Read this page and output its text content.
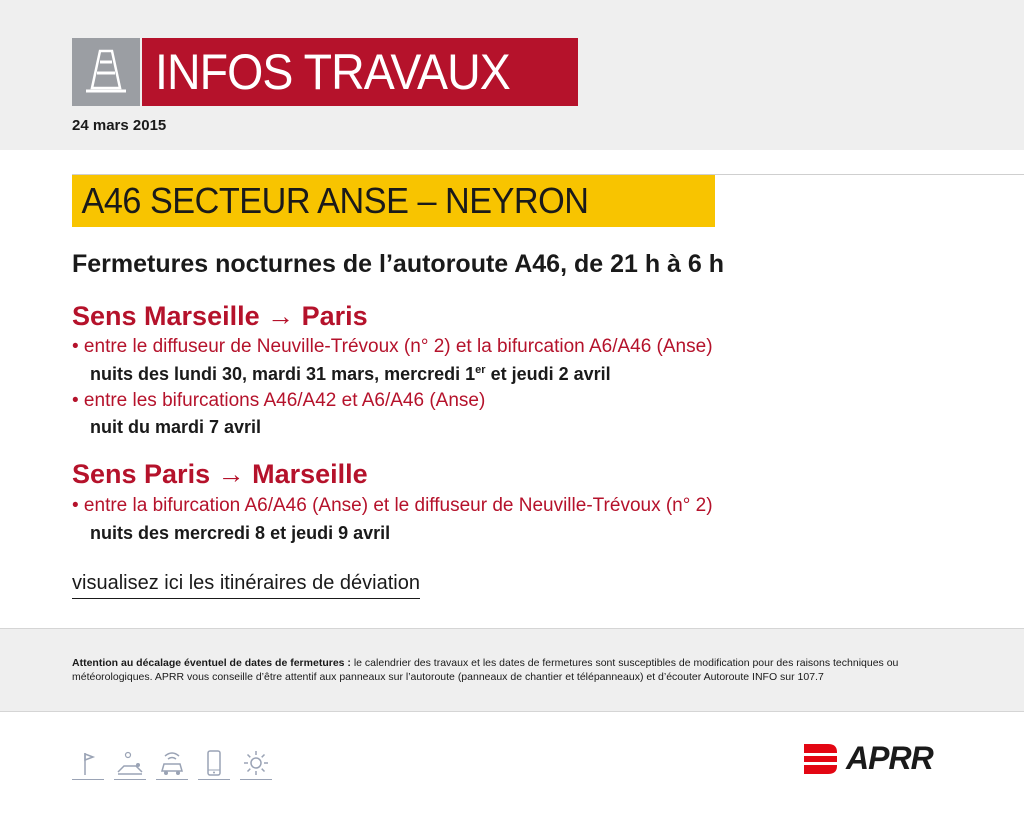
INFOS TRAVAUX
24 mars 2015
A46 SECTEUR ANSE – NEYRON
Fermetures nocturnes de l’autoroute A46, de 21 h à 6 h
Sens Marseille → Paris
• entre le diffuseur de Neuville-Trévoux (n° 2) et la bifurcation A6/A46 (Anse)
nuits des lundi 30, mardi 31 mars, mercredi 1er et jeudi 2 avril
• entre les bifurcations A46/A42 et A6/A46 (Anse)
nuit du mardi 7 avril
Sens Paris → Marseille
• entre la bifurcation A6/A46 (Anse) et le diffuseur de Neuville-Trévoux (n° 2)
nuits des mercredi 8 et jeudi 9 avril
visualisez ici les itinéraires de déviation
Attention au décalage éventuel de dates de fermetures : le calendrier des travaux et les dates de fermetures sont susceptibles de modification pour des raisons techniques ou météorologiques. APRR vous conseille d’être attentif aux panneaux sur l’autoroute (panneaux de chantier et télépanneaux) et d’écouter Autoroute INFO sur 107.7
APRR
